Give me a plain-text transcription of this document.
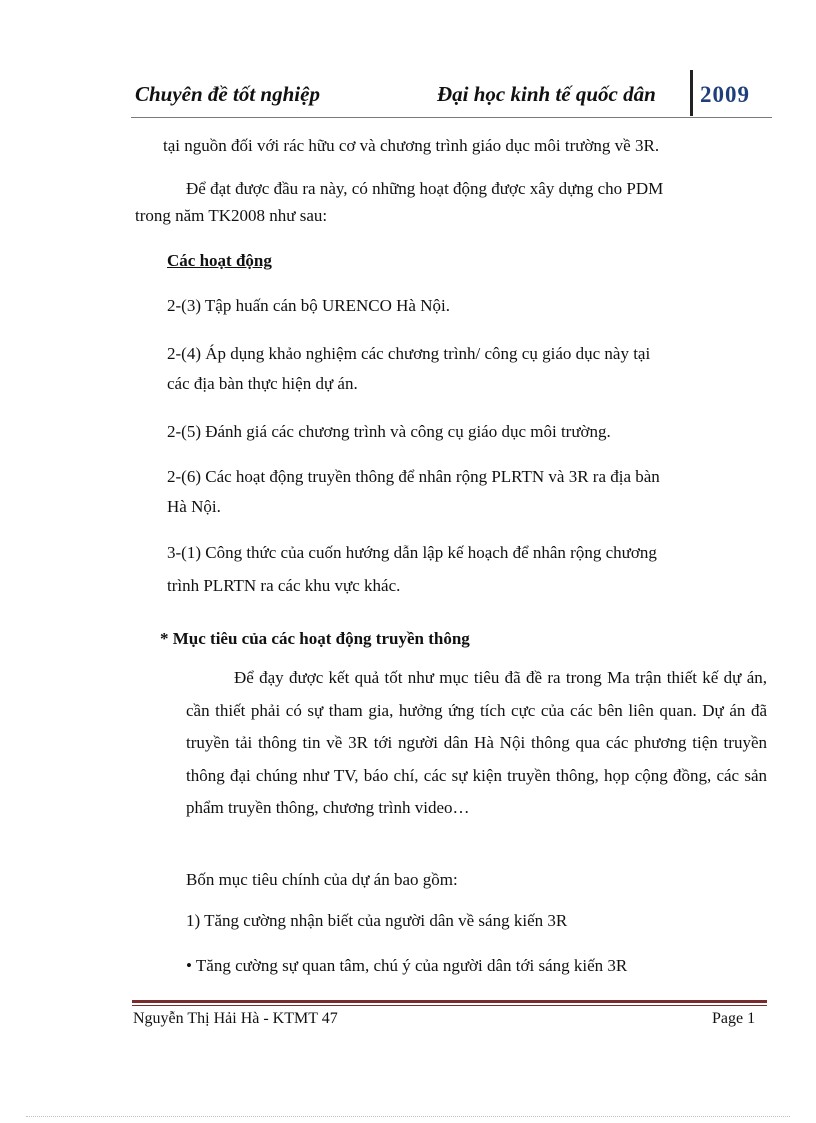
Chuyên đề tốt nghiệp	Đại học kinh tế quốc dân 2009
tại nguồn đối với rác hữu cơ và chương trình giáo dục môi trường về 3R.
Để đạt được đầu ra này, có những hoạt động được xây dựng cho PDM
trong năm TK2008 như sau:
Các hoạt động
2-(3) Tập huấn cán bộ URENCO Hà Nội.
2-(4) Áp dụng khảo nghiệm các chương trình/ công cụ giáo dục này tại
các địa bàn thực hiện dự án.
2-(5) Đánh giá các chương trình và công cụ giáo dục môi trường.
2-(6) Các hoạt động truyền thông để nhân rộng PLRTN và 3R ra địa bàn
Hà Nội.
3-(1) Công thức của cuốn hướng dẫn lập kế hoạch để nhân rộng chương
trình PLRTN ra các khu vực khác.
* Mục tiêu của các hoạt động truyền thông
Để đạy được kết quả tốt như mục tiêu đã đề ra trong Ma trận thiết kế dự án, cần thiết phải có sự tham gia, hưởng ứng tích cực của các bên liên quan. Dự án đã truyền tải thông tin về 3R tới người dân Hà Nội thông qua các phương tiện truyền thông đại chúng như TV, báo chí, các sự kiện truyền thông, họp cộng đồng, các sản phẩm truyền thông, chương trình video…
Bốn mục tiêu chính của dự án bao gồm:
1) Tăng cường nhận biết của người dân về sáng kiến 3R
• Tăng cường sự quan tâm, chú ý của người dân tới sáng kiến 3R
Nguyễn Thị Hải Hà - KTMT 47	Page 1
